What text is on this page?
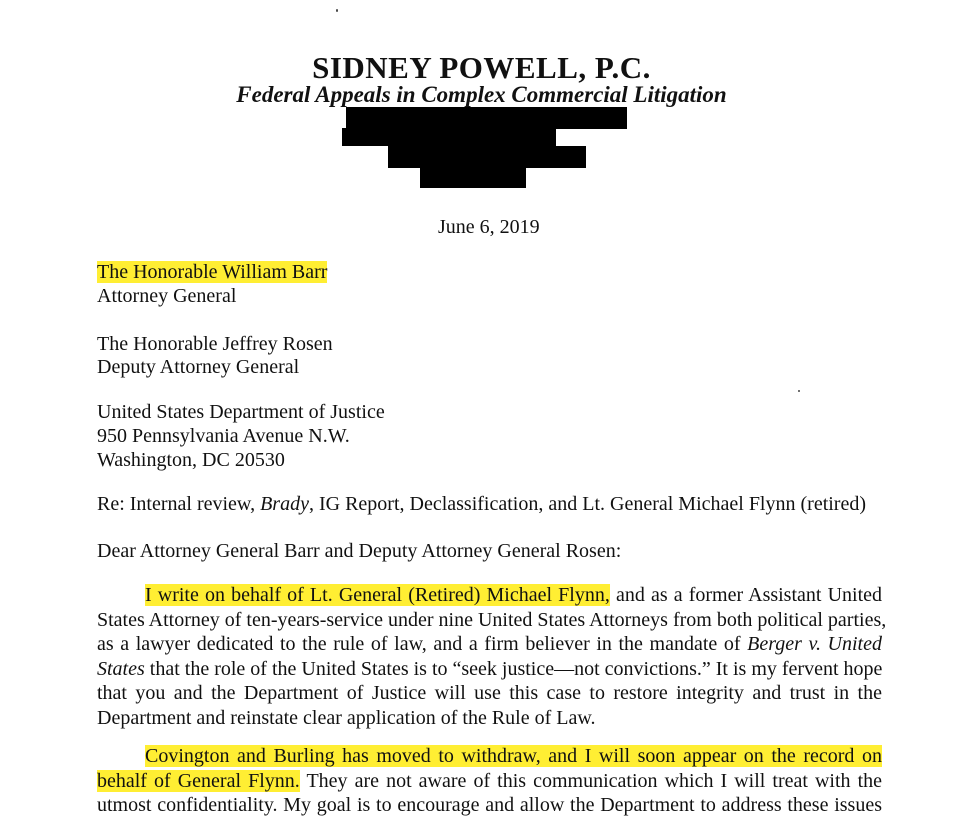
SIDNEY POWELL, P.C.
Federal Appeals in Complex Commercial Litigation
June 6, 2019
The Honorable William Barr
Attorney General
The Honorable Jeffrey Rosen
Deputy Attorney General
United States Department of Justice
950 Pennsylvania Avenue N.W.
Washington, DC 20530
Re: Internal review, Brady, IG Report, Declassification, and Lt. General Michael Flynn (retired)
Dear Attorney General Barr and Deputy Attorney General Rosen:
I write on behalf of Lt. General (Retired) Michael Flynn, and as a former Assistant United
States Attorney of ten-years-service under nine United States Attorneys from both political parties,
as a lawyer dedicated to the rule of law, and a firm believer in the mandate of Berger v. United
States that the role of the United States is to “seek justice—not convictions.” It is my fervent hope
that you and the Department of Justice will use this case to restore integrity and trust in the
Department and reinstate clear application of the Rule of Law.
Covington and Burling has moved to withdraw, and I will soon appear on the record on
behalf of General Flynn. They are not aware of this communication which I will treat with the
utmost confidentiality. My goal is to encourage and allow the Department to address these issues
